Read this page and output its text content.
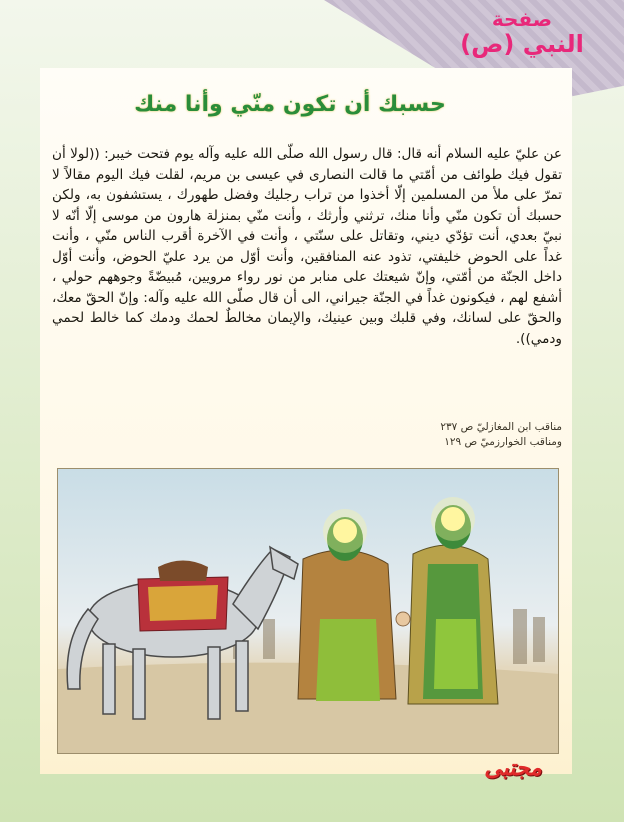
صفحة
النبي (ص)
حسبك أن تكون منّي وأنا منك

عن عليّ عليه السلام أنه قال: قال رسول الله صلّى الله عليه وآله يوم فتحت خيبر: ((لولا أن تقول فيك طوائف من أمّتي ما قالت النصارى في عيسى بن مريم، لقلت فيك اليوم مقالاً لا تمرّ على ملأ من المسلمين إلّا أخذوا من تراب رجليك وفضل طهورك ، يستشفون به، ولكن حسبك أن تكون منّي وأنا منك، ترثني وأرثك ، وأنت منّي بمنزلة هارون من موسى إلّا أنّه لا نبيّ بعدي، أنت تؤدّي ديني، وتقاتل على سنّتي ، وأنت في الآخرة أقرب الناس منّي ، وأنت غداً على الحوض خليفتي، تذود عنه المنافقين، وأنت أوّل من يرد عليّ الحوض، وأنت أوّل داخل الجنّة من أمّتي، وإنّ شيعتك على منابر من نور رواء مرويين، مُبيضّةً وجوههم حولي ، أشفع لهم ، فيكونون غداً في الجنّة جيراني، الى أن قال صلّى الله عليه وآله: وإنّ الحقّ معك، والحقّ على لسانك، وفي قلبك وبين عينيك، والإيمان مخالطٌ لحمك ودمك كما خالط لحمي ودمي)).

مناقب ابن المغازليّ ص ٢٣٧
ومناقب الخوارزميّ ص ١٢٩
مجتبى
